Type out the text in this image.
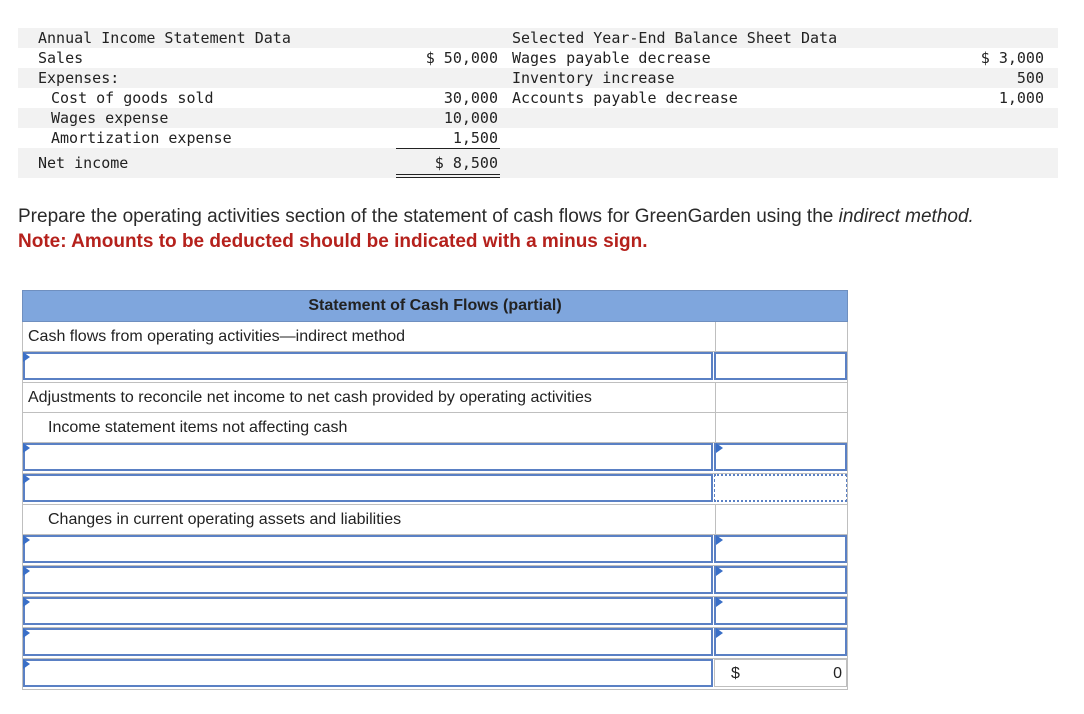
Annual Income Statement Data	Selected Year-End Balance Sheet Data
Sales	$ 50,000 Wages payable decrease	$ 3,000
Expenses:	Inventory increase	500
Cost of goods sold	30,000 Accounts payable decrease	1,000
Wages expense	10,000
Amortization expense	1,500
Net income	$ 8,500
Prepare the operating activities section of the statement of cash flows for GreenGarden using the indirect method.
Note: Amounts to be deducted should be indicated with a minus sign.
Statement of Cash Flows (partial)
Cash flows from operating activities—indirect method
Adjustments to reconcile net income to net cash provided by operating activities
Income statement items not affecting cash
Changes in current operating assets and liabilities
$	0
